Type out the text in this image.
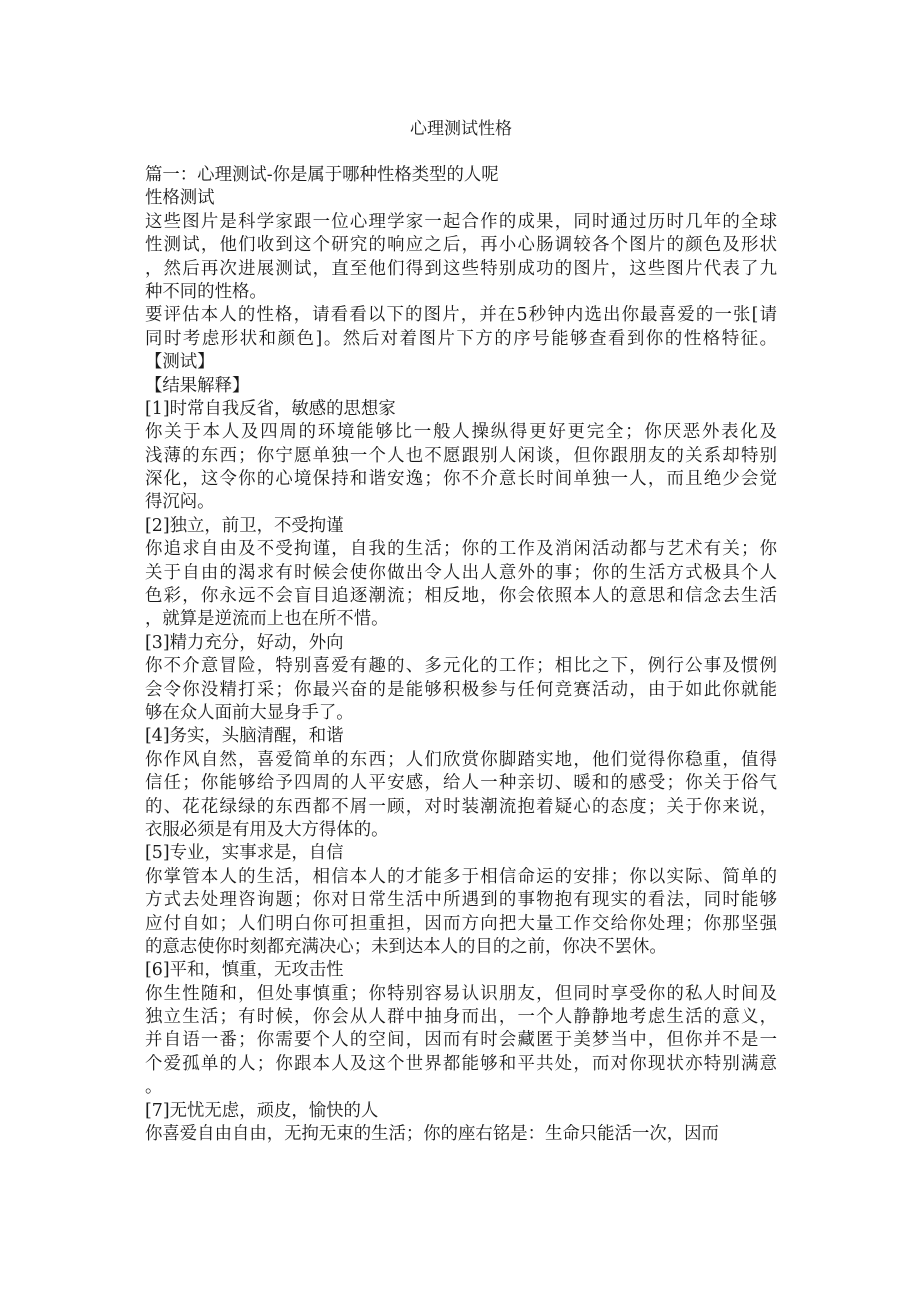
心理测试性格
篇一：心理测试-你是属于哪种性格类型的人呢
性格测试
这些图片是科学家跟一位心理学家一起合作的成果，同时通过历时几年的全球
性测试，他们收到这个研究的响应之后，再小心肠调较各个图片的颜色及形状
，然后再次进展测试，直至他们得到这些特别成功的图片，这些图片代表了九
种不同的性格。
要评估本人的性格，请看看以下的图片，并在5秒钟内选出你最喜爱的一张[请
同时考虑形状和颜色]。然后对着图片下方的序号能够查看到你的性格特征。
【测试】
【结果解释】
[1]时常自我反省，敏感的思想家
你关于本人及四周的环境能够比一般人操纵得更好更完全；你厌恶外表化及
浅薄的东西；你宁愿单独一个人也不愿跟别人闲谈，但你跟朋友的关系却特别
深化，这令你的心境保持和谐安逸；你不介意长时间单独一人，而且绝少会觉
得沉闷。
[2]独立，前卫，不受拘谨
你追求自由及不受拘谨，自我的生活；你的工作及消闲活动都与艺术有关；你
关于自由的渴求有时候会使你做出令人出人意外的事；你的生活方式极具个人
色彩，你永远不会盲目追逐潮流；相反地，你会依照本人的意思和信念去生活
，就算是逆流而上也在所不惜。
[3]精力充分，好动，外向
你不介意冒险，特别喜爱有趣的、多元化的工作；相比之下，例行公事及惯例
会令你没精打采；你最兴奋的是能够积极参与任何竞赛活动，由于如此你就能
够在众人面前大显身手了。
[4]务实，头脑清醒，和谐
你作风自然，喜爱简单的东西；人们欣赏你脚踏实地，他们觉得你稳重，值得
信任；你能够给予四周的人平安感，给人一种亲切、暖和的感受；你关于俗气
的、花花绿绿的东西都不屑一顾，对时装潮流抱着疑心的态度；关于你来说，
衣服必须是有用及大方得体的。
[5]专业，实事求是，自信
你掌管本人的生活，相信本人的才能多于相信命运的安排；你以实际、简单的
方式去处理咨询题；你对日常生活中所遇到的事物抱有现实的看法，同时能够
应付自如；人们明白你可担重担，因而方向把大量工作交给你处理；你那坚强
的意志使你时刻都充满决心；未到达本人的目的之前，你决不罢休。
[6]平和，慎重，无攻击性
你生性随和，但处事慎重；你特别容易认识朋友，但同时享受你的私人时间及
独立生活；有时候，你会从人群中抽身而出，一个人静静地考虑生活的意义，
并自语一番；你需要个人的空间，因而有时会藏匿于美梦当中，但你并不是一
个爱孤单的人；你跟本人及这个世界都能够和平共处，而对你现状亦特别满意
。
[7]无忧无虑，顽皮，愉快的人
你喜爱自由自由，无拘无束的生活；你的座右铭是：生命只能活一次，因而
